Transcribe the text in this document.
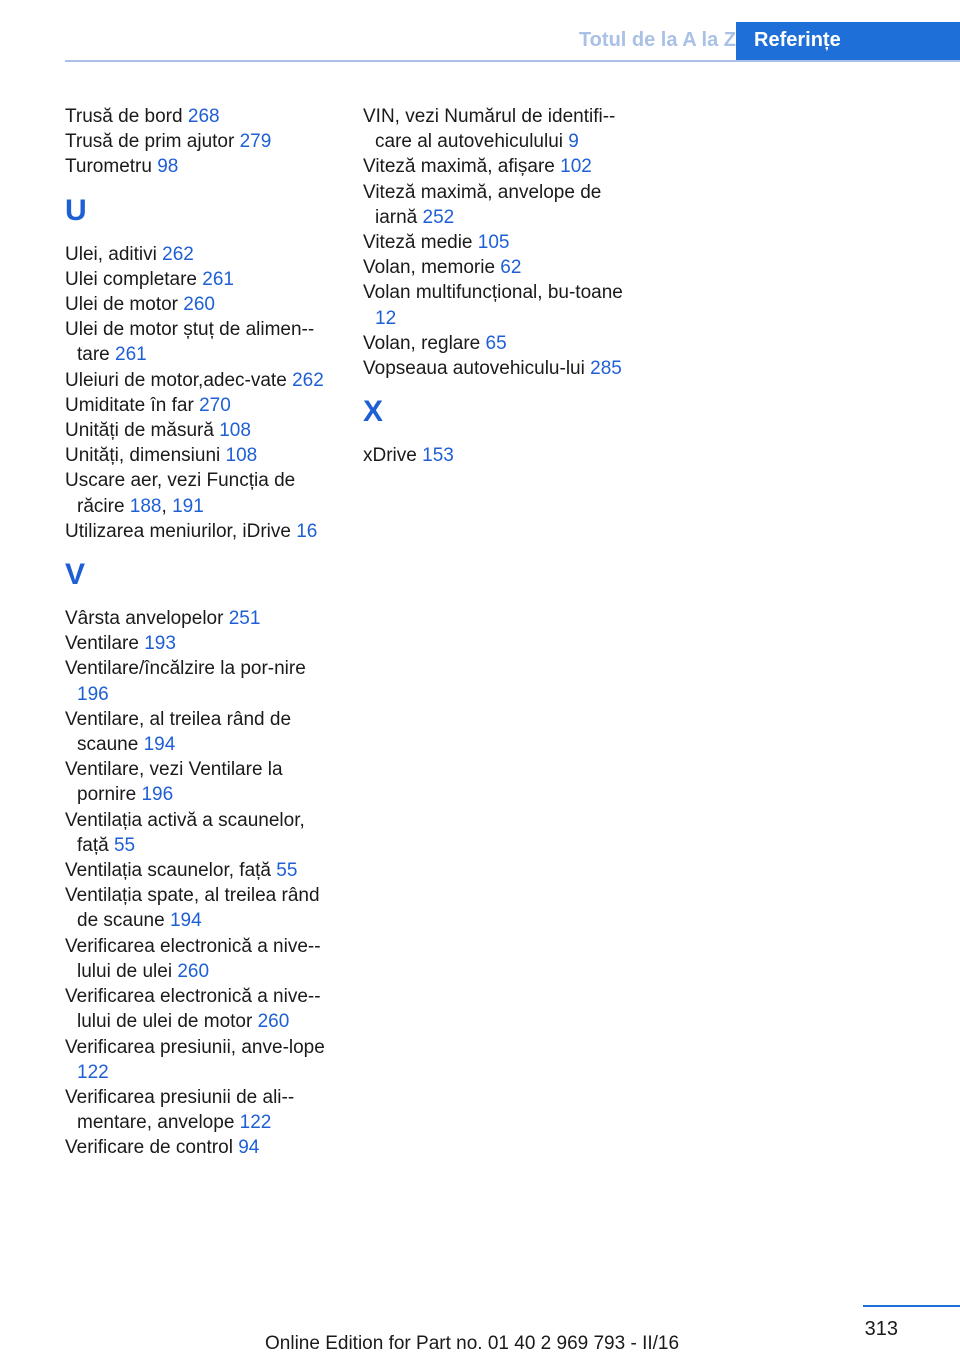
Totul de la A la Z Referințe
Trusă de bord 268
Trusă de prim ajutor 279
Turometru 98
U
Ulei, aditivi 262
Ulei completare 261
Ulei de motor 260
Ulei de motor ștuț de alimen-tare 261
Uleiuri de motor,adec-vate 262
Umiditate în far 270
Unități de măsură 108
Unități, dimensiuni 108
Uscare aer, vezi Funcția de răcire 188, 191
Utilizarea meniurilor, iDrive 16
V
Vârsta anvelopelor 251
Ventilare 193
Ventilare/încălzire la por-nire 196
Ventilare, al treilea rând de scaune 194
Ventilare, vezi Ventilare la pornire 196
Ventilația activă a scaunelor, față 55
Ventilația scaunelor, față 55
Ventilația spate, al treilea rând de scaune 194
Verificarea electronică a nive-lului de ulei 260
Verificarea electronică a nive-lului de ulei de motor 260
Verificarea presiunii, anve-lope 122
Verificarea presiunii de ali-mentare, anvelope 122
Verificare de control 94
VIN, vezi Numărul de identifi-care al autovehiculului 9
Viteză maximă, afișare 102
Viteză maximă, anvelope de iarnă 252
Viteză medie 105
Volan, memorie 62
Volan multifuncțional, bu-toane 12
Volan, reglare 65
Vopseaua autovehiculu-lui 285
X
xDrive 153
313
Online Edition for Part no. 01 40 2 969 793 - II/16
